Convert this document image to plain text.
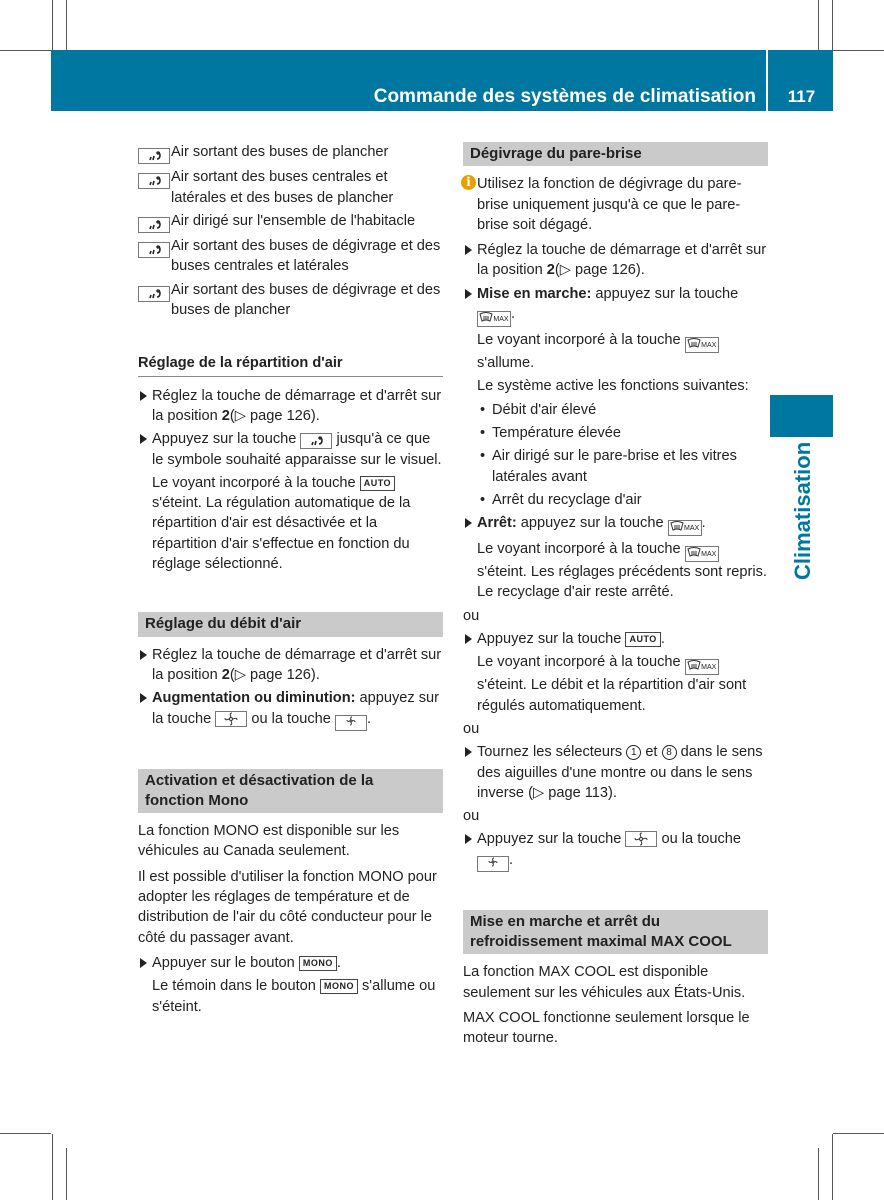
Commande des systèmes de climatisation	117
Climatisation
Air sortant des buses de plancher
Air sortant des buses centrales et latérales et des buses de plancher
Air dirigé sur l'ensemble de l'habitacle
Air sortant des buses de dégivrage et des buses centrales et latérales
Air sortant des buses de dégivrage et des buses de plancher
Réglage de la répartition d'air
Réglez la touche de démarrage et d'arrêt sur la position 2(▷ page 126).
Appuyez sur la touche  jusqu'à ce que le symbole souhaité apparaisse sur le visuel.
Le voyant incorporé à la touche AUTO s'éteint. La régulation automatique de la répartition d'air est désactivée et la répartition d'air s'effectue en fonction du réglage sélectionné.
Réglage du débit d'air
Réglez la touche de démarrage et d'arrêt sur la position 2(▷ page 126).
Augmentation ou diminution: appuyez sur la touche  ou la touche .
Activation et désactivation de la fonction Mono
La fonction MONO est disponible sur les véhicules au Canada seulement.
Il est possible d'utiliser la fonction MONO pour adopter les réglages de température et de distribution de l'air du côté conducteur pour le côté du passager avant.
Appuyer sur le bouton MONO .
Le témoin dans le bouton MONO s'allume ou s'éteint.
Dégivrage du pare-brise
i Utilisez la fonction de dégivrage du pare-brise uniquement jusqu'à ce que le pare-brise soit dégagé.
Réglez la touche de démarrage et d'arrêt sur la position 2(▷ page 126).
Mise en marche: appuyez sur la touche MAX .
Le voyant incorporé à la touche MAX s'allume.
Le système active les fonctions suivantes:
• Débit d'air élevé
• Température élevée
• Air dirigé sur le pare-brise et les vitres latérales avant
• Arrêt du recyclage d'air
Arrêt: appuyez sur la touche MAX .
Le voyant incorporé à la touche MAX s'éteint. Les réglages précédents sont repris. Le recyclage d'air reste arrêté.
ou
Appuyez sur la touche AUTO .
Le voyant incorporé à la touche MAX s'éteint. Le débit et la répartition d'air sont régulés automatiquement.
ou
Tournez les sélecteurs 1 et 8 dans le sens des aiguilles d'une montre ou dans le sens inverse (▷ page 113).
ou
Appuyez sur la touche  ou la touche .
Mise en marche et arrêt du refroidissement maximal MAX COOL
La fonction MAX COOL est disponible seulement sur les véhicules aux États-Unis.
MAX COOL fonctionne seulement lorsque le moteur tourne.
